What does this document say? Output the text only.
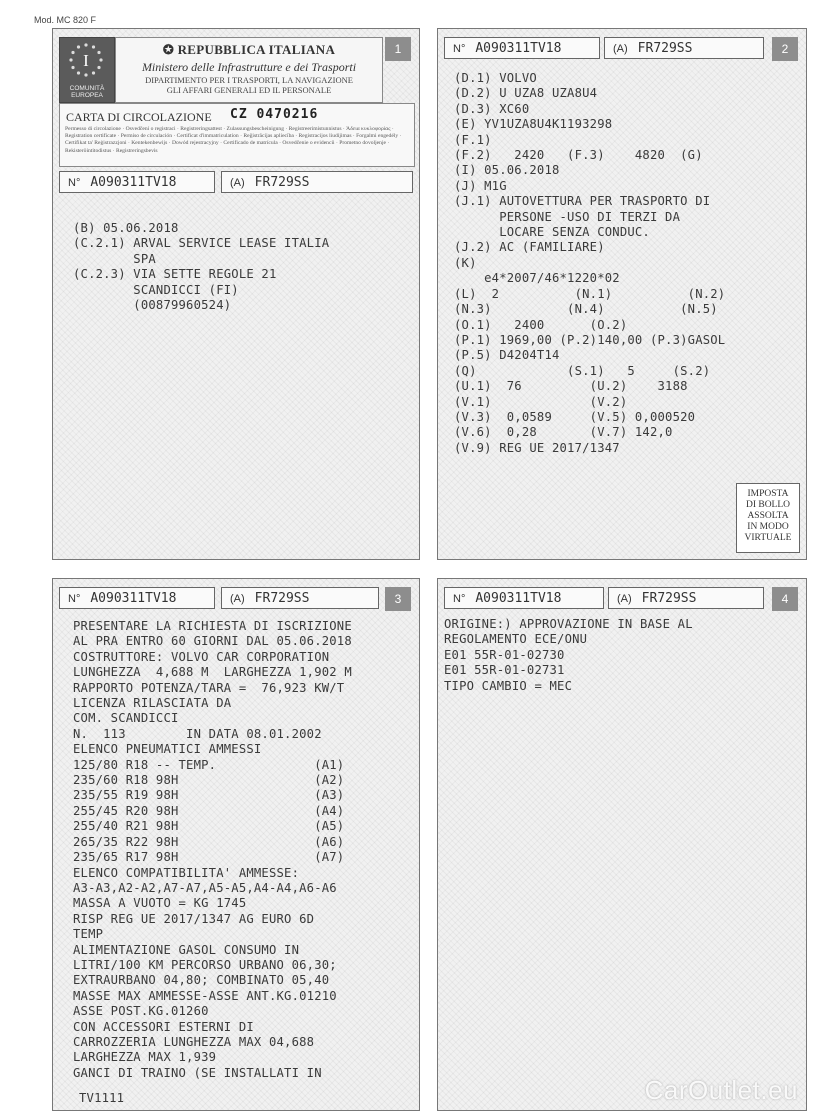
Mod. MC 820 F
I
COMUNITÀ
EUROPEA
✪ REPUBBLICA ITALIANA
Ministero delle Infrastrutture e dei Trasporti
DIPARTIMENTO PER I TRASPORTI, LA NAVIGAZIONE
GLI AFFARI GENERALI ED IL PERSONALE
1
CARTA DI CIRCOLAZIONE CZ 0470216
Permesso di circolazione · Osvedčení o registraci · Registreringsattest · Zulassungsbescheinigung · Registreerimistunnistus · Άδεια κυκλοφορίας · Registration certificate · Permiso de circulación · Certificat d'immatriculation · Reģistrācijas apliecība · Registracijos liudijimas · Forgalmi engedély · Certifikat ta' Reġistrazzjoni · Kentekenbewijs · Dowód rejestracyjny · Certificado de matrícula · Osvedčenie o evidencii · Prometno dovoljenje · Rekisteröintitodistus · Registreringsbevis
N° A090311TV18	(A) FR729SS
(B) 05.06.2018
(C.2.1) ARVAL SERVICE LEASE ITALIA
SPA
(C.2.3) VIA SETTE REGOLE 21
SCANDICCI (FI)
(00879960524)
N° A090311TV18	(A) FR729SS	2
(D.1) VOLVO
(D.2) U UZA8 UZA8U4
(D.3) XC60
(E) YV1UZA8U4K1193298
(F.1)
(F.2)   2420   (F.3)    4820  (G)
(I) 05.06.2018
(J) M1G
(J.1) AUTOVETTURA PER TRASPORTO DI
PERSONE -USO DI TERZI DA
LOCARE SENZA CONDUC.
(J.2) AC (FAMILIARE)
(K)
e4*2007/46*1220*02
(L)  2          (N.1)          (N.2)
(N.3)          (N.4)          (N.5)
(O.1)   2400      (O.2)
(P.1) 1969,00 (P.2)140,00 (P.3)GASOL
(P.5) D4204T14
(Q)            (S.1)   5     (S.2)
(U.1)  76         (U.2)    3188
(V.1)             (V.2)
(V.3)  0,0589     (V.5) 0,000520
(V.6)  0,28       (V.7) 142,0
(V.9) REG UE 2017/1347
IMPOSTA
DI BOLLO
ASSOLTA
IN MODO
VIRTUALE
N° A090311TV18	(A) FR729SS	3
PRESENTARE LA RICHIESTA DI ISCRIZIONE
AL PRA ENTRO 60 GIORNI DAL 05.06.2018
COSTRUTTORE: VOLVO CAR CORPORATION
LUNGHEZZA  4,688 M  LARGHEZZA 1,902 M
RAPPORTO POTENZA/TARA =  76,923 KW/T
LICENZA RILASCIATA DA
COM. SCANDICCI
N.  113        IN DATA 08.01.2002
ELENCO PNEUMATICI AMMESSI
125/80 R18 -- TEMP.             (A1)
235/60 R18 98H                  (A2)
235/55 R19 98H                  (A3)
255/45 R20 98H                  (A4)
255/40 R21 98H                  (A5)
265/35 R22 98H                  (A6)
235/65 R17 98H                  (A7)
ELENCO COMPATIBILITA' AMMESSE:
A3-A3,A2-A2,A7-A7,A5-A5,A4-A4,A6-A6
MASSA A VUOTO = KG 1745
RISP REG UE 2017/1347 AG EURO 6D
TEMP
ALIMENTAZIONE GASOL CONSUMO IN
LITRI/100 KM PERCORSO URBANO 06,30;
EXTRAURBANO 04,80; COMBINATO 05,40
MASSE MAX AMMESSE-ASSE ANT.KG.01210
ASSE POST.KG.01260
CON ACCESSORI ESTERNI DI
CARROZZERIA LUNGHEZZA MAX 04,688
LARGHEZZA MAX 1,939
GANCI DI TRAINO (SE INSTALLATI IN
TV1111
N° A090311TV18	(A) FR729SS	4
ORIGINE:) APPROVAZIONE IN BASE AL
REGOLAMENTO ECE/ONU
E01 55R-01-02730
E01 55R-01-02731
TIPO CAMBIO = MEC
CarOutlet.eu
